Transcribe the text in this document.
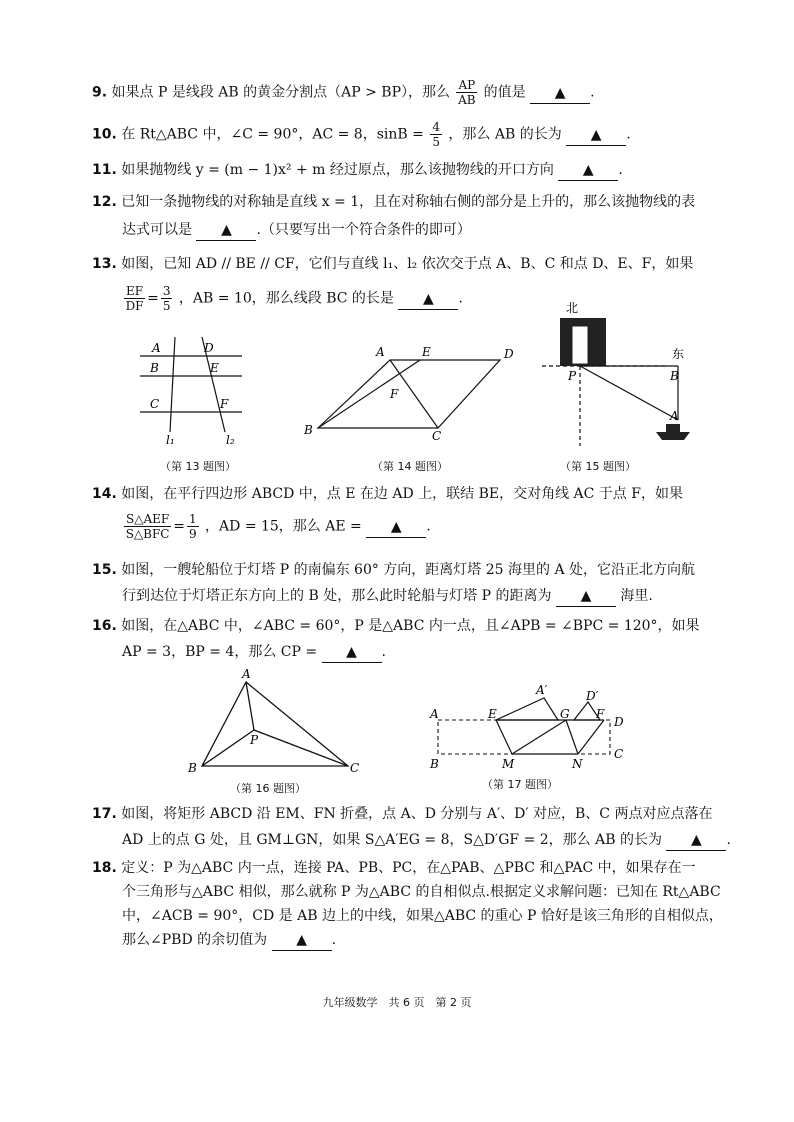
9. 如果点 P 是线段 AB 的黄金分割点（AP > BP），那么 $\frac{AP}{AB}$ 的值是 ▲ .
10. 在 Rt△ABC 中，∠C = 90°，AC = 8，$\sin B = \frac{4}{5}$ ，那么 AB 的长为 ▲ .
11. 如果抛物线 y = (m − 1)x² + m 经过原点，那么该抛物线的开口方向 ▲ .
12. 已知一条抛物线的对称轴是直线 x = 1，且在对称轴右侧的部分是上升的，那么该抛物线的表
达式可以是 ▲ .（只要写出一个符合条件的即可）
13. 如图，已知 AD // BE // CF，它们与直线 l₁、l₂ 依次交于点 A、B、C 和点 D、E、F，如果
$\frac{EF}{DF} = \frac{3}{5}$ ，AB = 10，那么线段 BC 的长是 ▲ .
A
B
C
D
E
F
l₁	l₂
（第 13 题图）
A	E	D
F
B	C
（第 14 题图）
北
东
P	B
A
（第 15 题图）
14. 如图，在平行四边形 ABCD 中，点 E 在边 AD 上，联结 BE，交对角线 AC 于点 F，如果
$\frac{\text{S△AEF}}{\text{S△BFC}} = \frac{1}{9}$ ，AD = 15，那么 AE = ▲ .
15. 如图，一艘轮船位于灯塔 P 的南偏东 60° 方向，距离灯塔 25 海里的 A 处，它沿正北方向航
行到达位于灯塔正东方向上的 B 处，那么此时轮船与灯塔 P 的距离为 ▲ 海里.
16. 如图，在△ABC 中，∠ABC = 60°，P 是△ABC 内一点，且∠APB = ∠BPC = 120°，如果
AP = 3，BP = 4，那么 CP = ▲ .
A
B	C
P
（第 16 题图）
A
B
E
A′
G
D′
F
D
C
M	N
（第 17 题图）
17. 如图，将矩形 ABCD 沿 EM、FN 折叠，点 A、D 分别与 A′、D′ 对应，B、C 两点对应点落在
AD 上的点 G 处，且 GM⊥GN，如果 S△A′EG = 8，S△D′GF = 2，那么 AB 的长为 ▲ .
18. 定义：P 为△ABC 内一点，连接 PA、PB、PC，在△PAB、△PBC 和△PAC 中，如果存在一
个三角形与△ABC 相似，那么就称 P 为△ABC 的自相似点.根据定义求解问题：已知在 Rt△ABC
中，∠ACB = 90°，CD 是 AB 边上的中线，如果△ABC 的重心 P 恰好是该三角形的自相似点，
那么∠PBD 的余切值为 ▲ .
九年级数学　共 6 页　第 2 页
